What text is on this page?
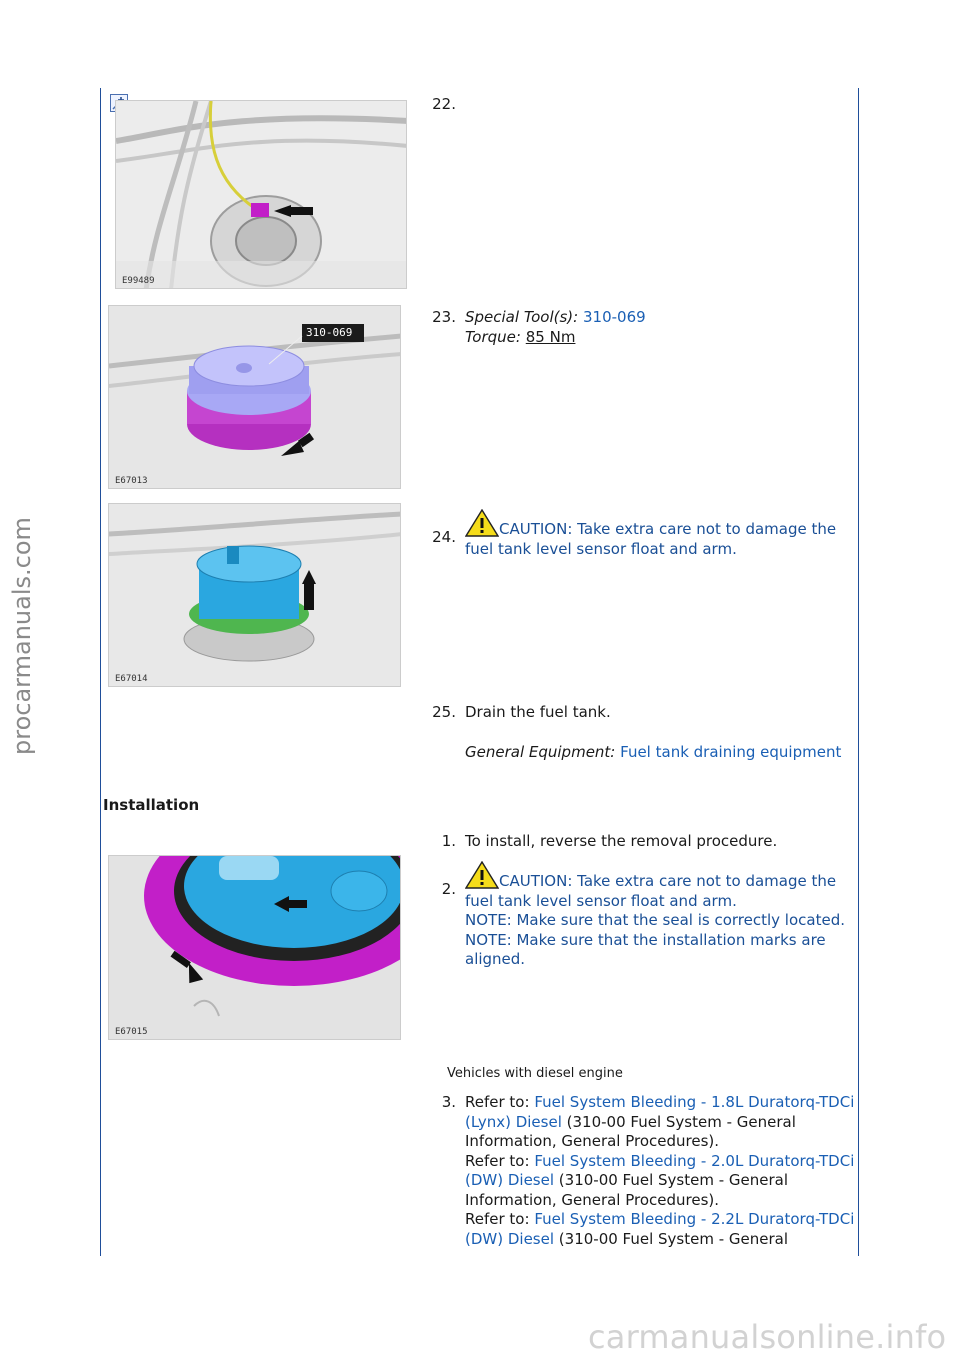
procarmanuals.com
carmanualsonline.info
E99489
22.
310-069
E67013
23. Special Tool(s): 310-069
Torque: 85 Nm
E67014
24.	CAUTION: Take extra care not to damage the fuel tank level sensor float and arm.
25. Drain the fuel tank.
General Equipment: Fuel tank draining equipment
Installation
1. To install, reverse the removal procedure.
E67015
2.	CAUTION: Take extra care not to damage the fuel tank level sensor float and arm.
NOTE: Make sure that the seal is correctly located.
NOTE: Make sure that the installation marks are aligned.
Vehicles with diesel engine
3. Refer to: Fuel System Bleeding - 1.8L Duratorq-TDCi (Lynx) Diesel (310-00 Fuel System - General Information, General Procedures).
Refer to: Fuel System Bleeding - 2.0L Duratorq-TDCi (DW) Diesel (310-00 Fuel System - General Information, General Procedures).
Refer to: Fuel System Bleeding - 2.2L Duratorq-TDCi (DW) Diesel (310-00 Fuel System - General
